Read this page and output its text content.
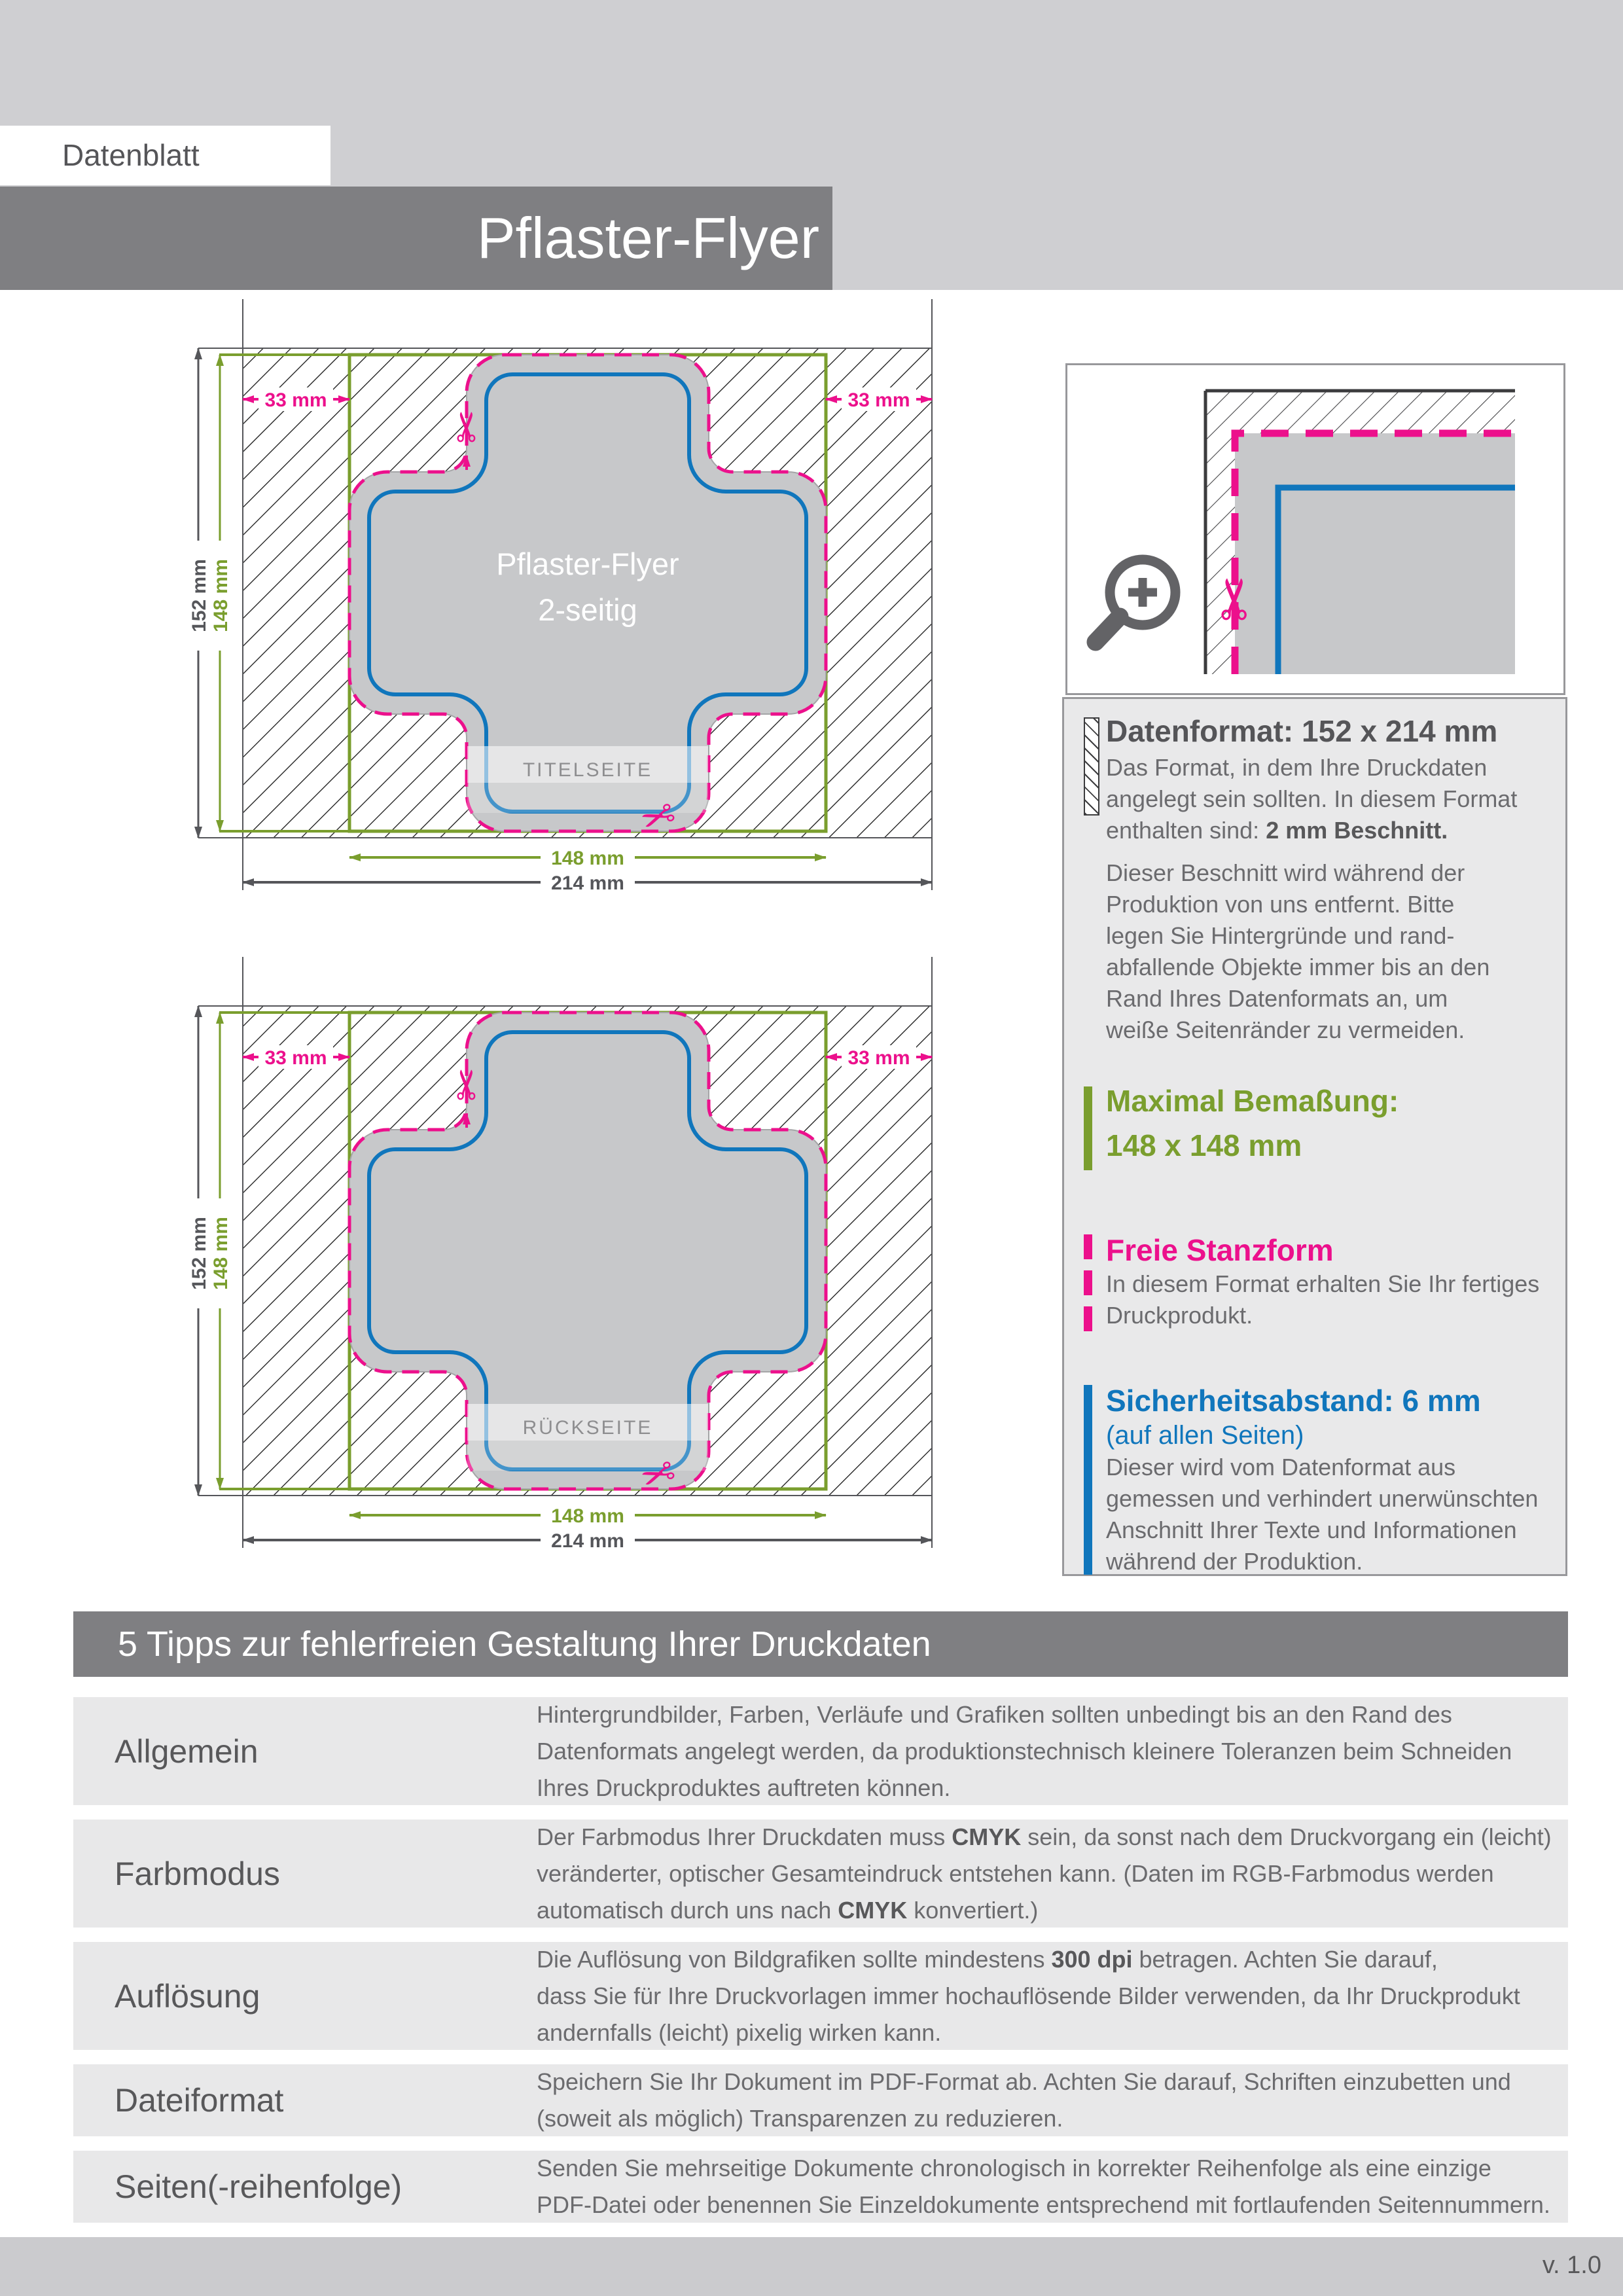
v. 1.0
Datenblatt
Pflaster-Flyer
152 mm 148 mm
33 mm	33 mm
TITELSEITE
Pflaster-Flyer
2-seitig
✂
✂
148 mm
214 mm
152 mm 148 mm
33 mm	33 mm
RÜCKSEITE
✂
✂
148 mm
214 mm
✂
Datenformat: 152 x 214 mm
Das Format, in dem Ihre Druckdaten
angelegt sein sollten. In diesem Format
enthalten sind: 2 mm Beschnitt.
Dieser Beschnitt wird während der
Produktion von uns entfernt. Bitte
legen Sie Hintergründe und rand-
abfallende Objekte immer bis an den
Rand Ihres Datenformats an, um
weiße Seitenränder zu vermeiden.
Maximal Bemaßung:
148 x 148 mm
Freie Stanzform
In diesem Format erhalten Sie Ihr fertiges
Druckprodukt.
Sicherheitsabstand: 6 mm
(auf allen Seiten)
Dieser wird vom Datenformat aus
gemessen und verhindert unerwünschten
Anschnitt Ihrer Texte und Informationen
während der Produktion.
5 Tipps zur fehlerfreien Gestaltung Ihrer Druckdaten
Allgemein
Hintergrundbilder, Farben, Verläufe und Grafiken sollten unbedingt bis an den Rand des
Datenformats angelegt werden, da produktionstechnisch kleinere Toleranzen beim Schneiden
Ihres Druckproduktes auftreten können.
Farbmodus
Der Farbmodus Ihrer Druckdaten muss CMYK sein, da sonst nach dem Druckvorgang ein (leicht)
veränderter, optischer Gesamteindruck entstehen kann. (Daten im RGB-Farbmodus werden
automatisch durch uns nach CMYK konvertiert.)
Auflösung
Die Auflösung von Bildgrafiken sollte mindestens 300 dpi betragen. Achten Sie darauf,
dass Sie für Ihre Druckvorlagen immer hochauflösende Bilder verwenden, da Ihr Druckprodukt
andernfalls (leicht) pixelig wirken kann.
Dateiformat
Speichern Sie Ihr Dokument im PDF-Format ab. Achten Sie darauf, Schriften einzubetten und
(soweit als möglich) Transparenzen zu reduzieren.
Seiten(-reihenfolge)
Senden Sie mehrseitige Dokumente chronologisch in korrekter Reihenfolge als eine einzige
PDF-Datei oder benennen Sie Einzeldokumente entsprechend mit fortlaufenden Seitennummern.
